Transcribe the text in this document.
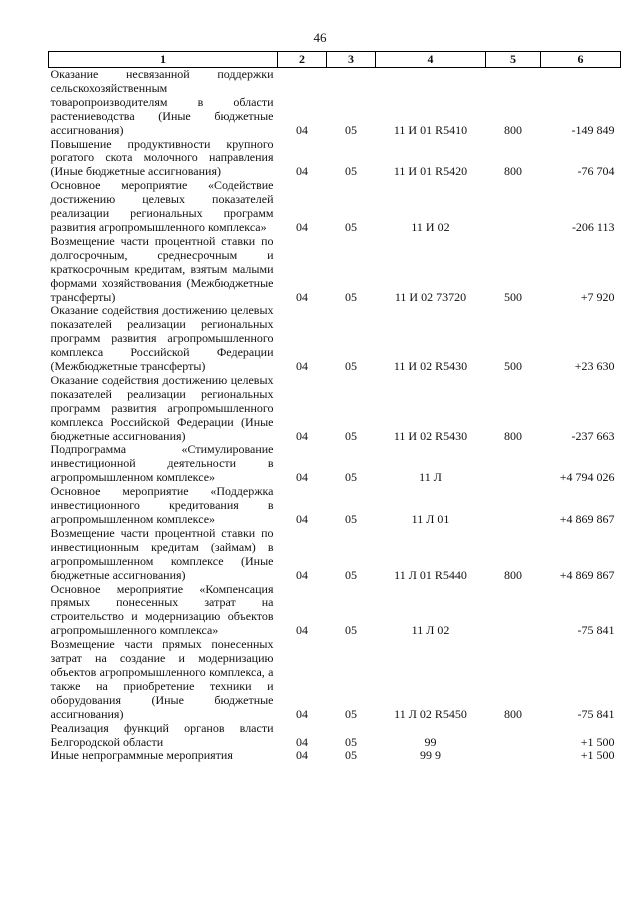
46
1	2	3	4	5	6
Оказание несвязанной поддержки сельскохозяйственным товаропроизводителям в области растениеводства (Иные бюджетные ассигнования)	04	05	11 И 01 R5410	800	-149 849
Повышение продуктивности крупного рогатого скота молочного направления (Иные бюджетные ассигнования)	04	05	11 И 01 R5420	800	-76 704
Основное мероприятие «Содействие достижению целевых показателей реализации региональных программ развития агропромышленного комплекса»	04	05	11 И 02		-206 113
Возмещение части процентной ставки по долгосрочным, среднесрочным и краткосрочным кредитам, взятым малыми формами хозяйствования (Межбюджетные трансферты)	04	05	11 И 02 73720	500	+7 920
Оказание содействия достижению целевых показателей реализации региональных программ развития агропромышленного комплекса Российской Федерации (Межбюджетные трансферты)	04	05	11 И 02 R5430	500	+23 630
Оказание содействия достижению целевых показателей реализации региональных программ развития агропромышленного комплекса Российской Федерации (Иные бюджетные ассигнования)	04	05	11 И 02 R5430	800	-237 663
Подпрограмма «Стимулирование инвестиционной деятельности в агропромышленном комплексе»	04	05	11 Л		+4 794 026
Основное мероприятие «Поддержка инвестиционного кредитования в агропромышленном комплексе»	04	05	11 Л 01		+4 869 867
Возмещение части процентной ставки по инвестиционным кредитам (займам) в агропромышленном комплексе (Иные бюджетные ассигнования)	04	05	11 Л 01 R5440	800	+4 869 867
Основное мероприятие «Компенсация прямых понесенных затрат на строительство и модернизацию объектов агропромышленного комплекса»	04	05	11 Л 02		-75 841
Возмещение части прямых понесенных затрат на создание и модернизацию объектов агропромышленного комплекса, а также на приобретение техники и оборудования (Иные бюджетные ассигнования)	04	05	11 Л 02 R5450	800	-75 841
Реализация функций органов власти Белгородской области	04	05	99		+1 500
Иные непрограммные мероприятия	04	05	99 9		+1 500
